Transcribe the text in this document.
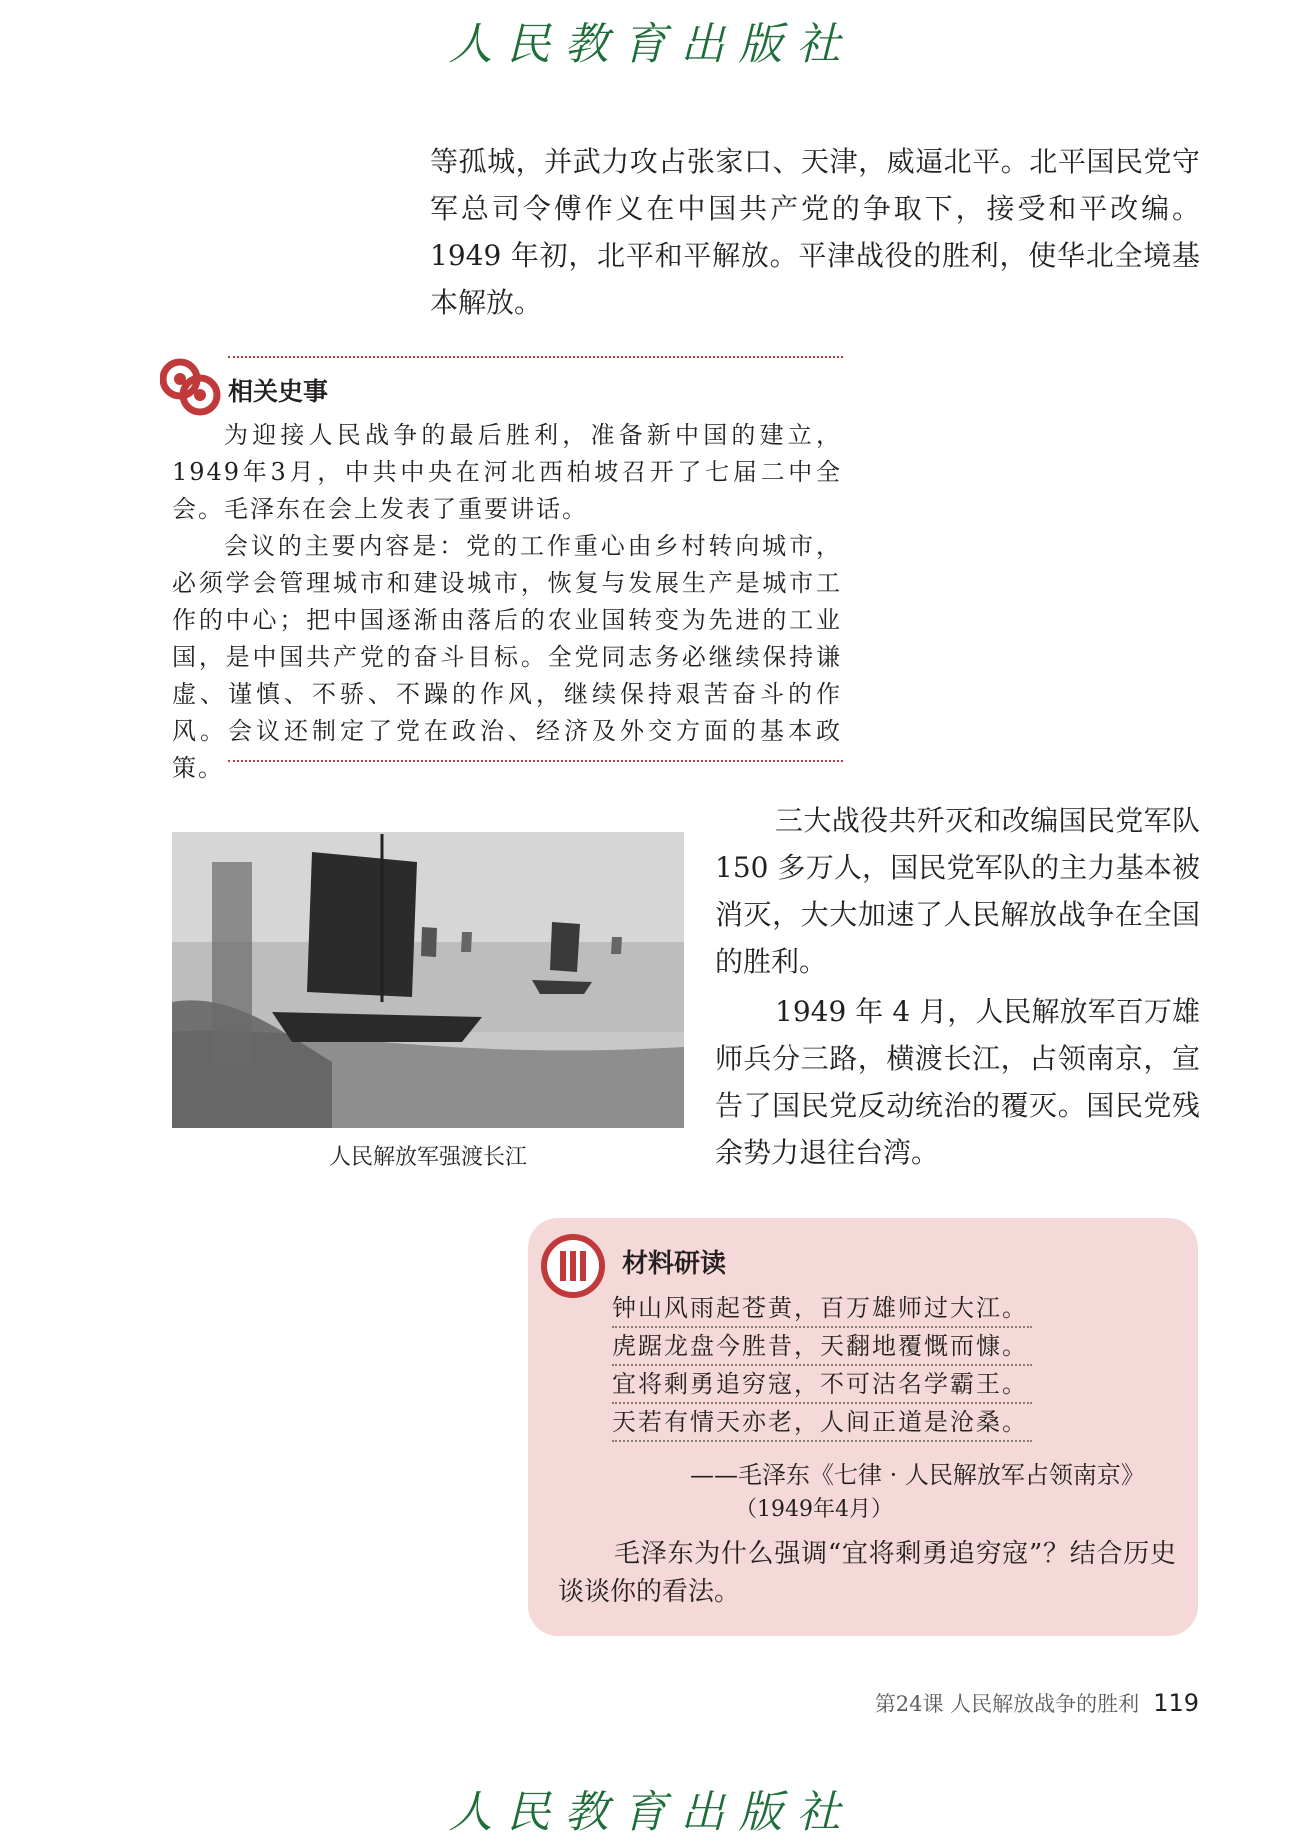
人民教育出版社

等孤城，并武力攻占张家口、天津，威逼北平。北平国民党守军总司令傅作义在中国共产党的争取下，接受和平改编。1949 年初，北平和平解放。平津战役的胜利，使华北全境基本解放。

相关史事

为迎接人民战争的最后胜利，准备新中国的建立，1949年3月，中共中央在河北西柏坡召开了七届二中全会。毛泽东在会上发表了重要讲话。

会议的主要内容是：党的工作重心由乡村转向城市，必须学会管理城市和建设城市，恢复与发展生产是城市工作的中心；把中国逐渐由落后的农业国转变为先进的工业国，是中国共产党的奋斗目标。全党同志务必继续保持谦虚、谨慎、不骄、不躁的作风，继续保持艰苦奋斗的作风。会议还制定了党在政治、经济及外交方面的基本政策。

人民解放军强渡长江

三大战役共歼灭和改编国民党军队 150 多万人，国民党军队的主力基本被消灭，大大加速了人民解放战争在全国的胜利。

1949 年 4 月，人民解放军百万雄师兵分三路，横渡长江，占领南京，宣告了国民党反动统治的覆灭。国民党残余势力退往台湾。

材料研读
钟山风雨起苍黄，百万雄师过大江。
虎踞龙盘今胜昔，天翻地覆慨而慷。
宜将剩勇追穷寇，不可沽名学霸王。
天若有情天亦老，人间正道是沧桑。
——毛泽东《七律 · 人民解放军占领南京》
（1949年4月）

毛泽东为什么强调“宜将剩勇追穷寇”？结合历史谈谈你的看法。

第24课 人民解放战争的胜利 119
人民教育出版社
